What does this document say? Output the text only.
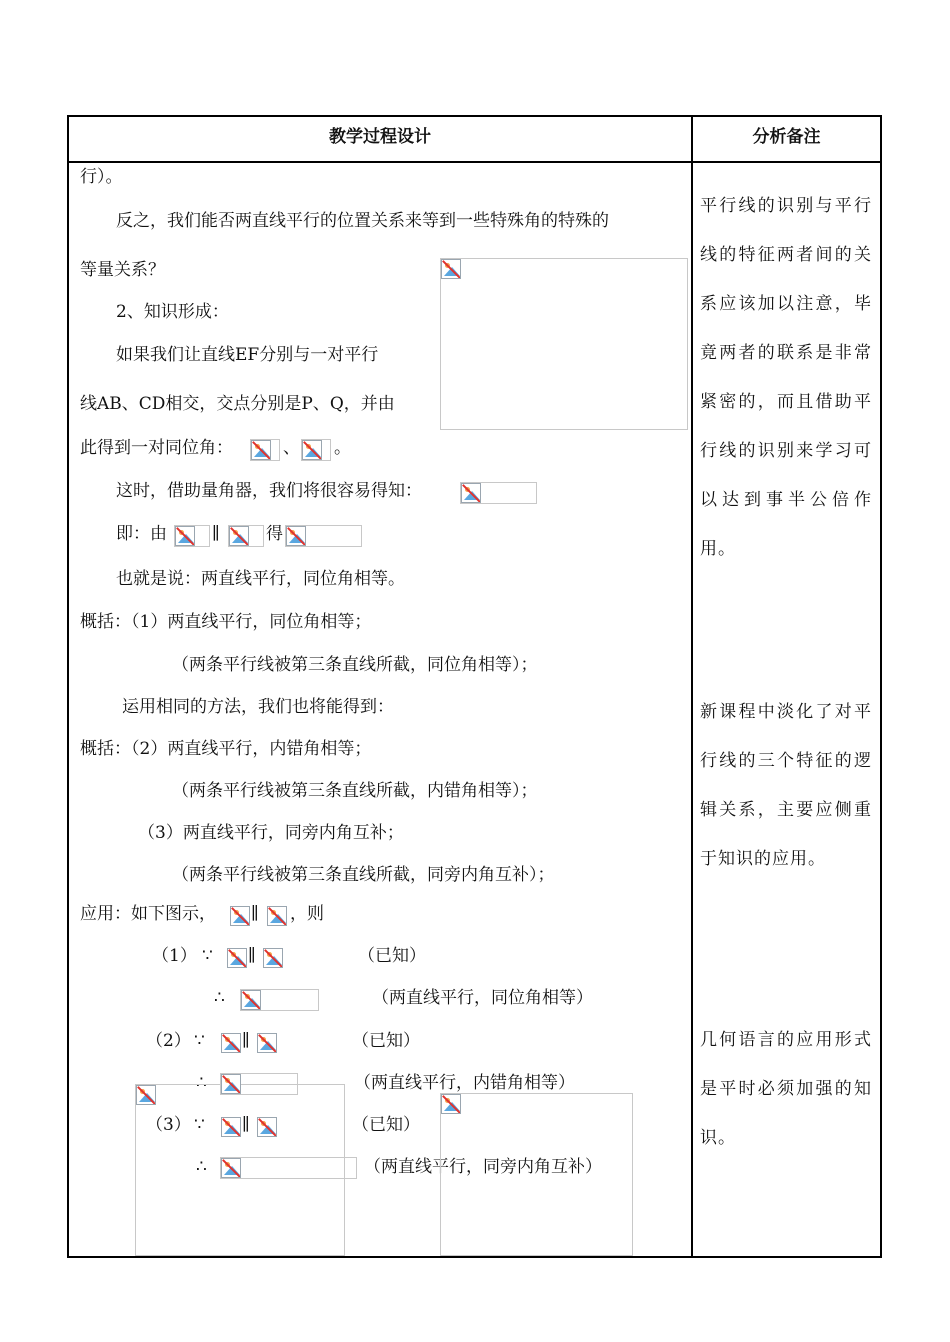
教学过程设计	分析备注
行）。
反之，我们能否两直线平行的位置关系来等到一些特殊角的特殊的
等量关系？
2、知识形成：
如果我们让直线EF分别与一对平行
线AB、CD相交，交点分别是P、Q，并由
此得到一对同位角：	、 。
这时，借助量角器，我们将很容易得知：
即：由	∥	得
也就是说：两直线平行，同位角相等。
概括：（1）两直线平行，同位角相等；
（两条平行线被第三条直线所截，同位角相等）；
运用相同的方法，我们也将能得到：
概括：（2）两直线平行，内错角相等；
（两条平行线被第三条直线所截，内错角相等）；
（3）两直线平行，同旁内角互补；
（两条平行线被第三条直线所截，同旁内角互补）；
应用：如下图示， ∥ ，则
（1） ∵ ∥	（已知）
∴	（两直线平行，同位角相等）
（2） ∵ ∥	（已知）
∴	（两直线平行，内错角相等）
（3） ∵ ∥	（已知）
∴	（两直线平行，同旁内角互补）
平行线的识别与平行线的特征两者间的关系应该加以注意，毕竟两者的联系是非常紧密的，而且借助平行线的识别来学习可以达到事半公倍作用。
新课程中淡化了对平行线的三个特征的逻辑关系，主要应侧重于知识的应用。
几何语言的应用形式是平时必须加强的知识。
